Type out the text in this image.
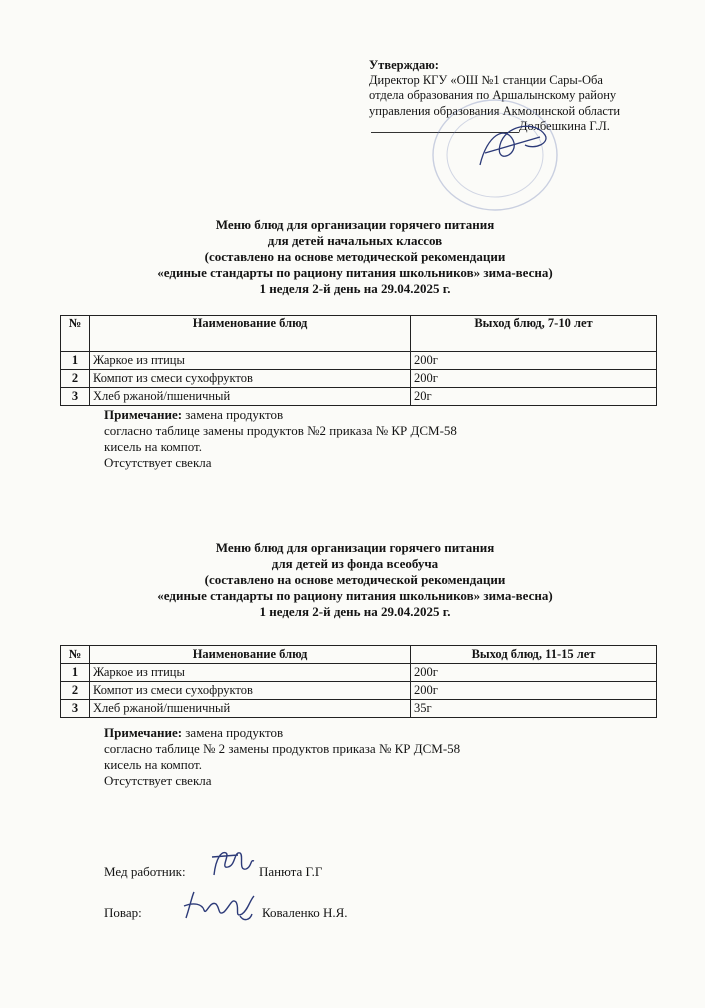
Утверждаю:
Директор КГУ «ОШ №1 станции Сары-Оба
отдела образования по Аршалынскому району
управления образования Акмолинской области
Долбешкина Г.Л.
Меню блюд для организации горячего питания
для детей начальных классов
(составлено на основе методической рекомендации
«единые стандарты по рациону питания школьников» зима-весна)
1 неделя 2-й день на 29.04.2025 г.
№	Наименование блюд	Выход блюд, 7-10 лет
1	Жаркое из птицы	200г
2	Компот из смеси сухофруктов	200г
3	Хлеб ржаной/пшеничный	20г
Примечание: замена продуктов
согласно таблице замены продуктов №2 приказа № КР ДСМ-58
кисель на компот.
Отсутствует свекла
Меню блюд для организации горячего питания
для детей из фонда всеобуча
(составлено на основе методической рекомендации
«единые стандарты по рациону питания школьников» зима-весна)
1 неделя 2-й день на 29.04.2025 г.
№	Наименование блюд	Выход блюд, 11-15 лет
1	Жаркое из птицы	200г
2	Компот из смеси сухофруктов	200г
3	Хлеб ржаной/пшеничный	35г
Примечание: замена продуктов
согласно таблице № 2 замены продуктов приказа № КР ДСМ-58
кисель на компот.
Отсутствует свекла
Мед работник:	Панюта Г.Г
Повар:	Коваленко Н.Я.
